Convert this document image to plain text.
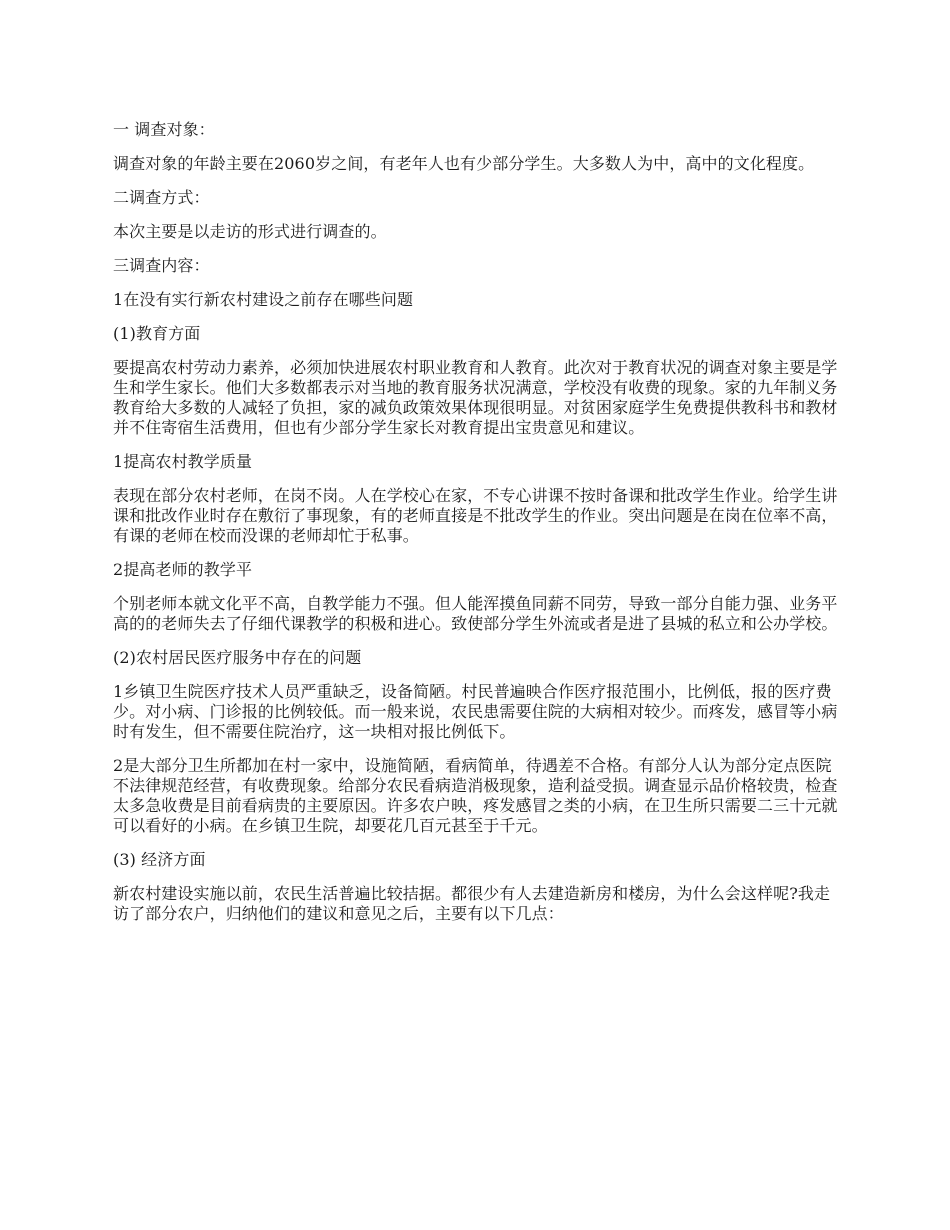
一 调查对象：

调查对象的年龄主要在2060岁之间，有老年人也有少部分学生。大多数人为中，高中的文化程度。

二调查方式：

本次主要是以走访的形式进行调查的。

三调查内容：

1在没有实行新农村建设之前存在哪些问题

(1)教育方面

要提高农村劳动力素养，必须加快进展农村职业教育和人教育。此次对于教育状况的调查对象主要是学生和学生家长。他们大多数都表示对当地的教育服务状况满意，学校没有收费的现象。家的九年制义务教育给大多数的人减轻了负担，家的减负政策效果体现很明显。对贫困家庭学生免费提供教科书和教材并不住寄宿生活费用，但也有少部分学生家长对教育提出宝贵意见和建议。

1提高农村教学质量

表现在部分农村老师，在岗不岗。人在学校心在家，不专心讲课不按时备课和批改学生作业。给学生讲课和批改作业时存在敷衍了事现象，有的老师直接是不批改学生的作业。突出问题是在岗在位率不高，有课的老师在校而没课的老师却忙于私事。

2提高老师的教学平

个别老师本就文化平不高，自教学能力不强。但人能浑摸鱼同薪不同劳，导致一部分自能力强、业务平高的的老师失去了仔细代课教学的积极和进心。致使部分学生外流或者是进了县城的私立和公办学校。

(2)农村居民医疗服务中存在的问题

1乡镇卫生院医疗技术人员严重缺乏，设备简陋。村民普遍映合作医疗报范围小，比例低，报的医疗费少。对小病、门诊报的比例较低。而一般来说，农民患需要住院的大病相对较少。而疼发，感冒等小病时有发生，但不需要住院治疗，这一块相对报比例低下。

2是大部分卫生所都加在村一家中，设施简陋，看病简单，待遇差不合格。有部分人认为部分定点医院不法律规范经营，有收费现象。给部分农民看病造消极现象，造利益受损。调查显示品价格较贵，检查太多急收费是目前看病贵的主要原因。许多农户映，疼发感冒之类的小病，在卫生所只需要二三十元就可以看好的小病。在乡镇卫生院，却要花几百元甚至于千元。

(3) 经济方面

新农村建设实施以前，农民生活普遍比较拮据。都很少有人去建造新房和楼房，为什么会这样呢?我走访了部分农户，归纳他们的建议和意见之后，主要有以下几点：
